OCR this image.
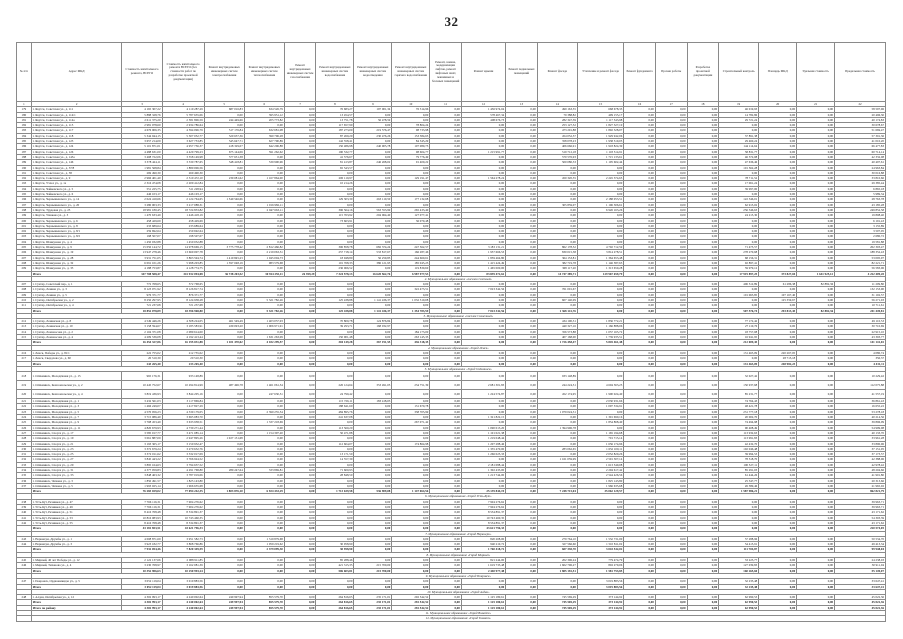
32
№ п/п	Адрес МКД	Стоимость капитального ремонта, ВСЕГО	Стоимость капитального ремонта ВСЕГО (без стоимости работ по разработке проектной документации)	Ремонт внутридомовых инженерных систем электроснабжения	Ремонт внутридомовых инженерных систем теплоснабжения	Ремонт внутридомовых инженерных систем газоснабжения	Ремонт внутридомовых инженерных систем водоснабжения	Ремонт внутридомовых инженерных систем водоотведения	Ремонт внутридомовых инженерных систем горячего водоснабжения	Ремонт, замена, модернизация лифтов, ремонт лифтовых шахт, машинных и блочных помещений	Ремонт крыши	Ремонт подвальных помещений	Ремонт фасада	Утепление и ремонт фасада	Ремонт фундамента	Прочие работы	Разработка проектной документации	Строительный контроль	Площадь МКД	Удельная стоимость	Предельная стоимость
1	2	3	4	5	6	7	8	9	10	11	12	13	14	15	16	17	18	19	20	21	22
179	г. Якутск, Советская ул., д. 111	4 165 307,22	4 119 287,29	687 016,83	634 526,79	0,00	76 683,27	197 001,34	76 314,96	0,00	1 436 974,04	0,00	499 163,55	668 678,35	0,00	0,00	0,00	46 019,93	0,00	0,00	58 597,96
180	г. Якутск, Советская ул., д. 114/1	5 888 328,76	5 787 635,06	0,00	395 951,12	0,00	13 454,57	0,00	0,00	0,00	578 467,34	0,00	79 388,82	499 155,17	0,00	0,00	0,00	14 782,86	0,00	0,00	20 496,30
181	г. Якутск, Советская ул., д. 114а	2 611 375,20	2 581 806,59	244 449,66	205 773,82	0,00	13 751,78	56 478,59	0,00	0,00	408 676,73	0,00	282 347,39	1 117 543,98	0,00	0,00	0,00	29 721,24	0,00	0,00	40 174,83
182	г. Якутск, Советская ул., д. 115	2 981 978,60	2 934 786,64	0,00	0,00	0,00	117 657,90	0,00	78 804,24	0,00	0,00	0,00	253 127,52	1 827 327,10	0,00	0,00	0,00	0,00	0,00	0,00	30 678,67
183	г. Якутск, Советская ул., д. 117	4 676 906,35	4 594 096,79	517 176,84	632 681,08	0,00	187 273,00	219 576,47	98 733,98	0,00	0,00	0,00	473 291,88	1 892 328,07	0,00	0,00	0,00	0,00	0,00	0,00	51 669,47
184	г. Якутск, Советская ул., д. 118	5 344 944,15	5 307 052,77	520 637,36	390 796,28	0,00	87 269,20	230 476,26	153 384,65	0,00	0,00	0,00	454 052,57	1 929 942,06	0,00	0,00	0,00	37 891,38	0,00	0,00	57 391,36
185	г. Якутск, Советская ул., д. 123	3 657 214,09	3 627 753,85	545 647,71	627 790,89	0,00	142 558,41	0,00	84 345,29	0,00	0,00	0,00	358 078,23	1 938 519,05	0,00	0,00	0,00	29 460,24	0,00	0,00	41 010,20
186	г. Якутск, Советская ул., д. 124	5 101 871,01	4 957 756,37	418 329,07	642 296,88	0,00	150 486,98	240 905,78	107 089,75	0,00	0,00	0,00	406 666,91	1 918 824,39	0,00	0,00	0,00	144 114,64	0,00	0,00	66 477,83
187	г. Якутск, Советская ул., д. 126	4 488 631,00	4 429 799,23	675 144,06	591 262,62	0,00	190 532,77	0,00	98 604,77	0,00	1 215 991,77	0,00	519 712,18	1 118 514,91	0,00	0,00	0,00	58 831,77	0,00	0,00	60 714,14
188	г. Якутск, Советская ул., д. 145а	3 408 722,06	3 358 149,98	577 631,38	0,00	0,00	41 576,67	0,00	79 776,49	0,00	0,00	0,00	570 576,93	1 715 133,61	0,00	0,00	0,00	46 572,08	0,00	0,00	42 332,08
189	г. Якутск, Советская ул., д. 146	3 378 424,11	3 330 787,65	548 418,81	539 990,96	0,00	81 413,87	246 268,02	91 400,22	0,00	0,00	0,00	500 080,33	1 105 602,44	0,00	0,00	0,00	47 636,46	0,00	0,00	40 497,61
190	г. Якутск, Советская ул., д. 37/8	1 981 568,84	1 880 006,56	0,00	0,00	0,00	65 543,57	0,00	0,00	0,00	0,00	0,00	0,00	0,00	0,00	0,00	0,00	101 562,28	0,00	0,00	24 963,84
191	г. Якутск, Советская ул., д. 38	269 490,30	269 490,30	0,00	0,00	0,00	0,00	0,00	0,00	0,00	0,00	0,00	0,00	0,00	0,00	0,00	0,00	0,00	0,00	0,00	30 016,88
192	г. Якутск, Советская ул., д. 9	2 966 401,40	2 310 472,10	239 081,62	1 167 864,00	0,00	200 119,97	0,00	129 191,47	0,00	1 564 278,24	0,00	450 320,35	2 245 374,65	0,00	0,00	0,00	78 711,52	0,00	0,00	33 810,66
193	г. Якутск, Учхоз ул., д. 1а	2 316 474,08	2 209 412,84	0,00	0,00	0,00	10 214,26	0,00	0,00	0,00	0,00	0,00	0,00	0,00	0,00	0,00	0,00	17 061,24	0,00	0,00	29 385,44
194	г. Якутск, Чайковского ул., д. 5	551 225,75	511 228,94	0,00	0,00	0,00	0,00	0,00	0,00	0,00	0,00	0,00	0,00	0,00	0,00	0,00	0,00	39 997,00	0,00	0,00	6 865,18
195	г. Якутск, Чайковского ул., д. 6	446 103,17	446 103,17	0,00	0,00	0,00	0,00	0,00	0,00	0,00	0,00	0,00	0,00	0,00	0,00	0,00	0,00	0,00	0,00	0,00	5 989,34
196	г. Якутск, Чернышевского ул., д. 14	2 024 410,66	2 124 764,65	1 549 546,66	0,00	0,00	129 303,30	263 110,50	177 132,68	0,00	0,00	0,00	0,00	2 188 053,51	0,00	0,00	0,00	122 346,01	0,00	0,00	28 763,78
197	г. Якутск, Чернышевского ул., д. 20	3 280 003,33	3 217 088,31	0,00	1 016 982,11	0,00	0,00	0,00	0,00	0,00	0,00	0,00	305 859,07	1 196 306,61	0,00	0,00	0,00	62 915,02	0,00	0,00	43 185,28
198	г. Якутск, Трудовая ул., д. 25	18 981 180,45	18 724 833,82	0,00	2 947 663,11	0,00	396 564,16	563 553,99	265 433,40	0,00	0,00	0,00	0,00	6 926 163,26	0,00	0,00	0,00	256 346,63	0,00	0,00	249 852,58
199	г. Якутск, Ушакова ул., д. 3	1 470 633,49	1 446 418,19	0,00	0,00	0,00	115 763,92	204 064,40	127 077,41	0,00	0,00	0,00	0,00	0,00	0,00	0,00	0,00	24 215,30	0,00	0,00	19 808,40
200	г. Якутск, Чернышевского ул., д. 6	458 429,69	458 429,69	0,00	0,00	0,00	73 663,91	0,00	36 079,48	0,00	0,00	0,00	0,00	0,00	0,00	0,00	0,00	0,00	0,00	0,00	6 191,43
201	г. Якутск, Чернышевского ул., д. 8	233 689,64	233 689,64	0,00	0,00	0,00	0,00	0,00	0,00	0,00	0,00	0,00	0,00	0,00	0,00	0,00	0,00	0,00	0,00	0,00	3 155,89
202	г. Якутск, Чернышевского ул., д. 8/1	259 692,64	259 692,64	0,00	0,00	0,00	0,00	0,00	0,00	0,00	0,00	0,00	0,00	0,00	0,00	0,00	0,00	0,00	0,00	0,00	3 507,05
203	г. Якутск, Чернышевского ул., д. 8/2	198 507,07	198 507,07	0,00	0,00	0,00	0,00	0,00	0,00	0,00	0,00	0,00	0,00	0,00	0,00	0,00	0,00	0,00	0,00	0,00	2 680,72
204	г. Якутск, Шавкунова ул., д. 4	1 450 032,88	1 450 032,88	0,00	0,00	0,00	0,00	0,00	0,00	0,00	0,00	0,00	0,00	0,00	0,00	0,00	0,00	0,00	0,00	0,00	19 581,88
205	г. Якутск, Шавкунова ул., д. 9	15 050 144,72	14 978 669,15	3 775 778,42	2 812 466,82	0,00	306 858,78	682 374,24	247 562,57	0,00	3 183 131,21	0,00	862 178,52	4 702 712,59	0,00	0,00	0,00	71 475,57	0,00	0,00	202 303,47
206	г. Якутск, Шавкунова ул., д. 19	13 947 278,46	13 669 007,78	0,00	2 219 063,31	0,00	257 718,14	533 817,67	166 287,46	0,00	1 957 666,53	0,00	830 015,38	3 814 278,51	0,00	0,00	0,00	278 270,68	0,00	0,00	188 352,43
207	г. Якутск, Шавкунова ул., д. 28	3 931 751,05	3 863 594,74	1 410 845,23	1 045 004,73	0,00	18 948,80	56 259,85	244 660,61	0,00	1 859 464,80	0,00	364 153,81	1 364 653,48	0,00	0,00	0,00	68 156,31	0,00	0,00	53 095,97
208	г. Якутск, Шавкунова ул., д. 32	6 091 101,26	5 998 203,85	1 397 048,19	983 579,68	0,00	101 768,33	386 121,95	185 045,23	0,00	1 415 424,49	0,00	382 719,78	1 146 587,63	0,00	0,00	0,00	92 897,41	0,00	0,00	82 221,71
209	г. Якутск, Шавкунова ул., д. 33	4 188 753,87	4 128 774,75	0,00	0,00	0,00	236 066,52	0,00	119 839,60	0,00	1 465 000,00	0,00	368 117,20	1 313 659,28	0,00	0,00	0,00	59 979,12	0,00	0,00	56 583,06
	Итого	347 708 508,47	341 932 094,08	36 738 203,52	30 924 255,11	26 399,29	7 324 578,13	16 620 562,76	6 987 977,53	0,00	83 839 472,62	0,00	14 747 389,71	129 967 659,79	0,00	0,00	0,00	17 919 897,25	373 827,04	1 641 925,12	4 222 409,20
	2. Муниципальное образование «поселок Светлый»																				
207	г. Сунтар, Советский пер., д. 1	772 768,65	572 768,65	0,00	0,00	0,00	0,00	0,00	0,00	0,00	0,00	0,00	0,00	0,00	0,00	0,00	0,00	406 512,89	61 286,38	82 882,36	11 209,80
208	г. Сунтар, Ленина ул., д. 3	8 123 071,92	8 126 817,74	0,00	0,00	0,00	0,00	0,00	322 473,51	0,00	7 023 342,56	0,00	761 001,67	0,00	0,00	0,00	0,00	0,00	0,00	0,00	132 153,90
209	г. Сунтар, Ленина ул., д. 5	976 371,77	876 371,77	0,00	0,00	0,00	0,00	0,00	0,00	0,00	0,00	0,00	0,00	0,00	0,00	0,00	0,00	101 063,85	107 167,40	0,00	31 102,57
210	г. Сунтар, Октябрьская ул., д. 2	8 250 297,95	8 124 938,28	0,00	5 321 782,26	0,00	125 438,88	1 141 436,37	1 032 310,08	0,00	0,00	0,00	607 140,09	0,00	0,00	0,00	0,00	0,00	125 359,67	0,00	56 271,93
211	г. Сунтар, Октябрьская ул., д. 4	721 237,68	721 237,68	0,00	0,00	0,00	0,00	0,00	0,00	0,00	0,00	0,00	0,00	0,00	0,00	0,00	0,00	0,00	0,00	0,00	10 711,61
	Итого	18 852 078,89	18 396 968,80	0,00	5 321 782,26	0,00	125 438,88	1 141 436,37	1 354 783,59	0,00	7 023 342,56	0,00	1 368 141,76	0,00	0,00	0,00	0,00	507 576,74	293 813,45	82 882,36	241 449,81
	3. Муниципальное образование «поселок Солнечный»																				
212	г. Сунтар, Ленинская ул., д. 8	4 549 446,26	4 508 224,05	461 549,49	1 403 057,93	0,00	70 809,78	124 876,84	0,00	0,00	0,00	0,00	434 190,31	1 836 772,21	0,00	0,00	0,00	77 172,42	0,00	0,00	49 110,53
213	г. Сунтар, Ленинская ул., д. 10	3 158 594,67	3 185 583,91	439 093,20	1 006 971,91	0,00	39 293,71	168 032,97	0,00	0,00	0,00	0,00	440 327,16	1 166 888,06	0,00	0,00	0,00	27 110,76	0,00	0,00	30 710,69
214	г. Сунтар, Ломоносова ул., д. 2	2 104 371,08	2 089 614,00	0,00	0,00	0,00	0,00	0,00	184 173,00	0,00	0,00	0,00	356 573,88	1 057 165,72	0,00	0,00	0,00	18 757,08	0,00	0,00	22 915,10
215	г. Сунтар, Ломоносова ул., д. 4	4 209 536,08	4 192 413,44	0,00	1 631 263,09	0,00	150 901,48	0,00	263 145,35	0,00	0,00	0,00	407 168,00	1 739 935,51	0,00	0,00	0,00	16 941,95	0,00	0,00	43 393,77
	Итого	16 454 327,86	16 195 031,88	1 101 470,02	4 182 299,57	0,00	304 149,28	367 191,55	436 318,35	0,00	0,00	0,00	1 726 458,47	5 845 461,48	0,00	0,00	0,00	212 009,45	0,00	0,00	141 141,02
	4. Муниципальное образование «Город Ленск»																				
216	г. Ленск, Победы ул., д. 81/1	222 755,02	212 755,02	0,00	0,00	0,00	0,00	0,00	0,00	0,00	0,00	0,00	0,00	0,00	0,00	0,00	0,00	131 463,09	220 267,05	0,00	4 080,74
217	г. Ленск, Свердлова ул., д. 60	20 510,30	20 510,30	0,00	0,00	0,00	0,00	0,00	0,00	0,00	0,00	0,00	0,00	0,00	0,00	0,00	0,00	0,00	28 715,18	0,00	350,37
	Итого	243 265,40	233 265,40	0,00	0,00	0,00	0,00	0,00	0,00	0,00	0,00	0,00	0,00	0,00	0,00	0,00	0,00	131 463,09	248 982,23	0,00	4 431,11
	5. Муниципальное образование «Город Олёкминск»																				
218	г. Олёкминск, Молодёжная ул., д. 15	965 176,31	933 148,89	0,00	0,00	0,00	0,00	0,00	0,00	0,00	0,00	0,00	933 148,89	0,00	0,00	0,00	0,00	32 027,42	0,00	0,00	10 229,42
219	г. Олёкминск, Комсомольская ул., д. 2	10 445 752,67	10 294 814,99	487 496,78	1 461 061,54	0,00	226 124,64	353 491,05	234 751,39	0,00	2 681 301,83	0,00	244 224,51	4 604 363,25	0,00	0,00	0,00	150 937,68	0,00	0,00	112 075,88
220	г. Олёкминск, Комсомольская ул., д. 4	3 819 436,93	3 844 205,16	0,00	247 630,51	0,00	24 799,42	0,00	0,00	0,00	1 224 574,87	0,00	452 174,95	1 900 024,40	0,00	0,00	0,00	85 231,77	0,00	0,00	41 557,19
221	г. Олёкминск, Молодёжная ул., д. 1	3 432 561,03	3 117 869,84	0,00	0,00	0,00	115 726,11	183 418,03	0,00	0,00	0,00	0,00	0,00	2 030 931,66	0,00	0,00	0,00	74 764,43	0,00	0,00	36 861,43
222	г. Олёкминск, Молодёжная ул., д. 3	1 466 249,07	1 417 827,29	0,00	0,00	0,00	188 641,60	0,00	131 670,78	0,00	0,00	0,00	0,00	1 097 534,91	0,00	0,00	0,00	48 421,78	0,00	0,00	16 655,22
223	г. Олёкминск, Молодёжная ул., д. 5	4 570 956,23	4 339 179,05	0,00	2 390 255,54	0,00	484 895,76	0,00	338 705,99	0,00	0,00	0,00	1 079 024,31	0,00	0,00	0,00	0,00	231 777,18	0,00	0,00	53 278,18
224	г. Олёкминск, Молодёжная ул., д. 7	3 715 086,40	3 695 083,70	0,00	0,00	0,00	241 637,08	0,00	0,00	0,00	1 321 822,15	0,00	0,00	1 391 690,16	0,00	0,00	0,00	20 002,70	0,00	0,00	40 214,56
225	г. Олёкминск, Молодёжная ул., д. 9	3 708 453,49	3 633 958,51	0,00	1 337 218,69	0,00	0,00	0,00	267 071,42	0,00	0,00	0,00	0,00	1 854 868,40	0,00	0,00	0,00	74 494,98	0,00	0,00	39 896,09
226	г. Олёкминск, Молодёжная ул., д. 11	4 820 679,93	4 730 271,44	0,00	0,00	0,00	113 560,20	0,00	0,00	0,00	1 090 013,20	0,00	1 394 996,78	0,00	0,00	0,00	0,00	90 408,49	0,00	0,00	54 999,08
227	г. Олёкминск, Спорта ул., д. 17	3 585 017,77	3 471 085,14	0,00	1 154 397,20	0,00	50 471,88	0,00	0,00	0,00	1 101 021,38	0,00	0,00	1 165 194,68	0,00	0,00	0,00	113 932,63	0,00	0,00	40 133,70
228	г. Олёкминск, Спорта ул., д. 19	3 061 887,09	2 947 895,26	1 027 131,68	0,00	0,00	0,00	0,00	0,00	0,00	1 219 048,44	0,00	0,00	701 715,14	0,00	0,00	0,00	113 991,83	0,00	0,00	33 961,28
229	г. Олёкминск, Спорта ул., д. 21	3 193 365,17	3 150 932,47	0,00	0,00	0,00	112 604,07	0,00	174 864,98	0,00	1 207 288,46	0,00	0,00	1 656 174,96	0,00	0,00	0,00	42 432,70	0,00	0,00	33 890,96
230	г. Олёкминск, Спорта ул., д. 23	3 372 679,24	3 270 632,76	0,00	0,00	0,00	0,00	0,00	0,00	0,00	1 335 470,00	0,00	283 062,65	1 652 100,11	0,00	0,00	0,00	102 046,48	0,00	0,00	37 151,05
231	г. Олёкминск, Спорта ул., д. 25	3 372 011,62	3 332 017,09	0,00	0,00	0,00	13 171,50	0,00	0,00	0,00	1 266 025,33	0,00	0,00	2 052 820,26	0,00	0,00	0,00	39 994,53	0,00	0,00	37 173,57
232	г. Олёкминск, Спорта ул., д. 27	3 845 443,22	3 766 924,52	0,00	0,00	0,00	14 557,39	0,00	0,00	0,00	0,00	0,00	1 161 059,99	2 591 307,14	0,00	0,00	0,00	78 518,70	0,00	0,00	42 388,06
233	г. Олёкминск, Спорта ул., д. 29	3 895 164,63	3 794 637,52	0,00	0,00	0,00	0,00	0,00	0,00	0,00	2 181 088,44	0,00	0,00	1 613 549,08	0,00	0,00	0,00	100 527,11	0,00	0,00	42 978,42
234	г. Олёкминск, Спорта ул., д. 31	4 377 059,83	4 291 768,80	289 247,64	333 869,81	0,00	71 600,93	0,00	0,00	0,00	1 302 433,00	0,00	0,00	2 294 617,42	0,00	0,00	0,00	85 291,03	0,00	0,00	48 204,66
235	г. Олёкминск, Спорта ул., д. 33	3 848 463,32	3 787 019,06	0,00	0,00	0,00	28 848,50	0,00	0,00	0,00	1 213 744,00	0,00	0,00	2 544 426,56	0,00	0,00	0,00	61 444,26	0,00	0,00	41 901,80
236	г. Олёкминск, Чапаева ул., д. 3	1 850 491,57	1 825 143,80	0,00	0,00	0,00	0,00	0,00	0,00	0,00	0,00	0,00	0,00	1 825 143,80	0,00	0,00	0,00	25 347,77	0,00	0,00	20 313,66
237	г. Олёкминск, Чапаева ул., д. 5	1 993 025,14	1 966 635,68	0,00	0,00	0,00	0,00	0,00	0,00	0,00	0,00	0,00	0,00	1 966 635,68	0,00	0,00	0,00	26 389,46	0,00	0,00	21 965,02
	Итого	76 283 029,02	77 094 242,35	1 803 876,10	6 924 433,29	0,00	1 713 639,58	536 909,08	1 147 064,56	0,00	25 139 844,19	0,00	7 248 715,04	35 062 129,57	0,00	0,00	0,00	1 587 986,21	0,00	0,00	862 821,79
	6. Муниципальное образование «Город Усть-Кут»																				
238	г. Усть-Кут, Речников ул., д. 47	7 766 116,31	7 904 276,62	0,00	0,00	0,00	0,00	0,00	0,00	0,00	7 904 276,62	0,00	0,00	0,00	0,00	0,00	0,00	0,00	0,00	0,00	39 963,71
239	г. Усть-Кут, Речников ул., д. 49	7 766 116,31	7 904 276,62	0,00	0,00	0,00	0,00	0,00	0,00	0,00	7 904 276,62	0,00	0,00	0,00	0,00	0,00	0,00	0,00	0,00	0,00	39 963,71
240	г. Усть-Кут, Речников ул., д. 51	8 416 768,48	8 534 891,37	0,00	0,00	0,00	0,00	0,00	0,00	0,00	8 534 891,37	0,00	0,00	0,00	0,00	0,00	0,00	0,00	0,00	0,00	43 171,62
241	г. Усть-Кут, Речников ул., д. 53	10 816 083,93	10 743 460,35	0,00	0,00	0,00	0,00	0,00	0,00	0,00	10 743 460,35	0,00	0,00	0,00	0,00	0,00	0,00	0,00	0,00	0,00	54 303,39
242	г. Усть-Кут, Речников ул., д. 55	8 416 768,48	8 534 891,37	0,00	0,00	0,00	0,00	0,00	0,00	0,00	8 534 891,37	0,00	0,00	0,00	0,00	0,00	0,00	0,00	0,00	0,00	43 171,62
	Итого	43 181 853,51	43 621 796,33	0,00	0,00	0,00	0,00	0,00	0,00	0,00	43 621 796,33	0,00	0,00	0,00	0,00	0,00	0,00	0,00	0,00	0,00	220 574,05
	7. Муниципальное образование «Город Нерюнгри»																				
243	г. Нерюнгри, Дружбы ул., д. 1	4 008 871,69	3 951 582,73	0,00	1 319 879,68	0,00	0,00	0,00	0,00	0,00	820 208,00	0,00	279 764,10	1 532 731,00	0,00	0,00	0,00	57 288,96	0,00	0,00	50 534,70
244	г. Нерюнгри, Дружбы ул., д. 3	3 923 182,77	3 868 766,86	0,00	1 059 219,62	0,00	30 958,90	0,00	0,00	0,00	940 210,72	0,00	327 566,60	1 510 811,02	0,00	0,00	0,00	54 415,91	0,00	0,00	49 413,34
	Итого	7 932 054,46	7 820 349,59	0,00	2 379 099,30	0,00	30 958,90	0,00	0,00	0,00	1 760 418,72	0,00	607 330,70	3 043 542,02	0,00	0,00	0,00	111 704,87	0,00	0,00	99 948,04
	8. Муниципальное образование «Город Мирный»																				
245	г. Мирный, 40 лет Победы ул., д. 12	2 122 137,66	2 088 911,85	0,00	0,00	0,00	85 288,46	0,00	0,00	0,00	821 244,00	0,00	202 396,24	779 474,79	0,00	0,00	0,00	33 225,77	0,00	0,00	24 238,03
246	г. Мирный, Тихонова ул., д. 4	3 230 768,97	3 162 081,39	0,00	0,00	0,00	421 315,35	215 700,00	0,00	0,00	1 619 733,48	0,00	1 602 796,27	802 279,06	0,00	0,00	0,00	127 039,83	0,00	0,00	30 911,04
	Итого	10 352 906,63	10 250 993,24	0,00	0,00	0,00	506 603,81	215 700,00	0,00	0,00	2 440 977,48	0,00	1 805 192,51	1 581 753,85	0,00	0,00	0,00	160 265,60	0,00	0,00	55 149,07
	9. Муниципальное образование «Город Покровск»																				
247	г. Покровск, Орджоникидзе ул., д. 5	3 052 119,04	3 019 883,56	0,00	0,00	0,00	0,00	0,00	0,00	0,00	0,00	0,00	0,00	3 019 883,56	0,00	0,00	0,00	32 235,48	0,00	0,00	33 647,41
	Итого	3 052 119,04	3 019 883,56	0,00	0,00	0,00	0,00	0,00	0,00	0,00	0,00	0,00	0,00	3 019 883,56	0,00	0,00	0,00	32 235,48	0,00	0,00	33 647,41
	10. Муниципальное образование «Город Алдан»																				
248	г. Алдан, Октябрьская ул., д. 12	4 302 993,17	4 240 002,64	249 997,94	855 579,70	0,00	264 816,65	235 171,01	292 542,52	0,00	1 125 180,61	0,00	745 569,29	373 144,92	0,00	0,00	0,00	62 990,53	0,00	0,00	45 022,36
	Итого	4 302 993,17	4 240 002,64	249 997,94	855 579,70	0,00	264 816,65	235 171,01	292 542,52	0,00	1 125 180,61	0,00	745 569,29	373 144,92	0,00	0,00	0,00	62 990,53	0,00	0,00	45 022,36
	Итого по району	4 302 993,17	4 240 002,64	249 997,94	855 579,70	0,00	264 816,65	235 171,01	292 542,52	0,00	1 125 180,61	0,00	745 569,29	373 144,92	0,00	0,00	0,00	62 990,53	0,00	0,00	45 022,36
	11. Муниципальное образование «Город Вилюйск»																				
	12. Муниципальное образование «Город Томмот»																				
